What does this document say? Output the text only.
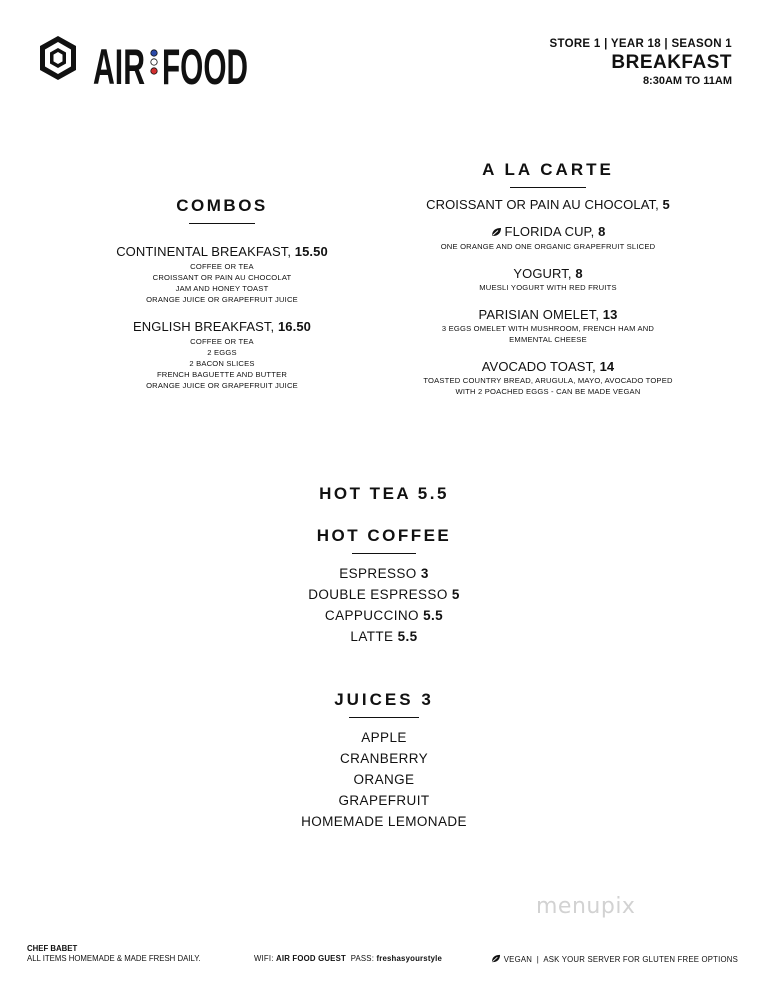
AIR FOOD	STORE 1 | YEAR 18 | SEASON 1
BREAKFAST
8:30AM TO 11AM
COMBOS
CONTINENTAL BREAKFAST, 15.50
COFFEE OR TEA
CROISSANT OR PAIN AU CHOCOLAT
JAM AND HONEY TOAST
ORANGE JUICE OR GRAPEFRUIT JUICE
ENGLISH BREAKFAST, 16.50
COFFEE OR TEA
2 EGGS
2 BACON SLICES
FRENCH BAGUETTE AND BUTTER
ORANGE JUICE OR GRAPEFRUIT JUICE
A LA CARTE
CROISSANT OR PAIN AU CHOCOLAT, 5
FLORIDA CUP, 8
ONE ORANGE AND ONE ORGANIC GRAPEFRUIT SLICED
YOGURT, 8
MUESLI YOGURT WITH RED FRUITS
PARISIAN OMELET, 13
3 EGGS OMELET WITH MUSHROOM, FRENCH HAM AND
EMMENTAL CHEESE
AVOCADO TOAST, 14
TOASTED COUNTRY BREAD, ARUGULA, MAYO, AVOCADO TOPED
WITH 2 POACHED EGGS - CAN BE MADE VEGAN
HOT TEA 5.5
HOT COFFEE
ESPRESSO 3
DOUBLE ESPRESSO 5
CAPPUCCINO 5.5
LATTE 5.5
JUICES 3
APPLE
CRANBERRY
ORANGE
GRAPEFRUIT
HOMEMADE LEMONADE
menupix
CHEF BABET
ALL ITEMS HOMEMADE & MADE FRESH DAILY.	WIFI: AIR FOOD GUEST PASS: freshasyourstyle	VEGAN  |  ASK YOUR SERVER FOR GLUTEN FREE OPTIONS
